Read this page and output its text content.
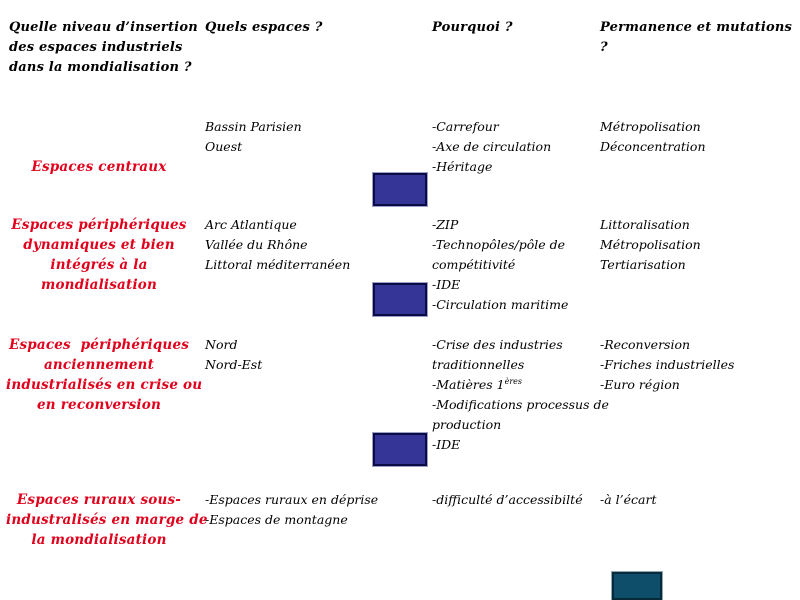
Quelle niveau d’insertion
des espaces industriels
dans la mondialisation ?
Quels espaces ?	Pourquoi ?	Permanence et mutations ?
Espaces centraux
Bassin Parisien
Ouest
-Carrefour
-Axe de circulation
-Héritage
Métropolisation
Déconcentration
Espaces périphériques
dynamiques et bien
intégrés à la
mondialisation
Arc Atlantique
Vallée du Rhône
Littoral méditerranéen
-ZIP
-Technopôles/pôle de
compétitivité
-IDE
-Circulation maritime
Littoralisation
Métropolisation
Tertiarisation
Espaces  périphériques
anciennement
industrialisés en crise ou
en reconversion
Nord
Nord-Est
-Crise des industries
traditionnelles
-Matières 1ères
-Modifications processus de
production
-IDE
-Reconversion
-Friches industrielles
-Euro région
Espaces ruraux sous-
industralisés en marge de
la mondialisation
-Espaces ruraux en déprise
-Espaces de montagne
-difficulté d’accessibilté -à l’écart
